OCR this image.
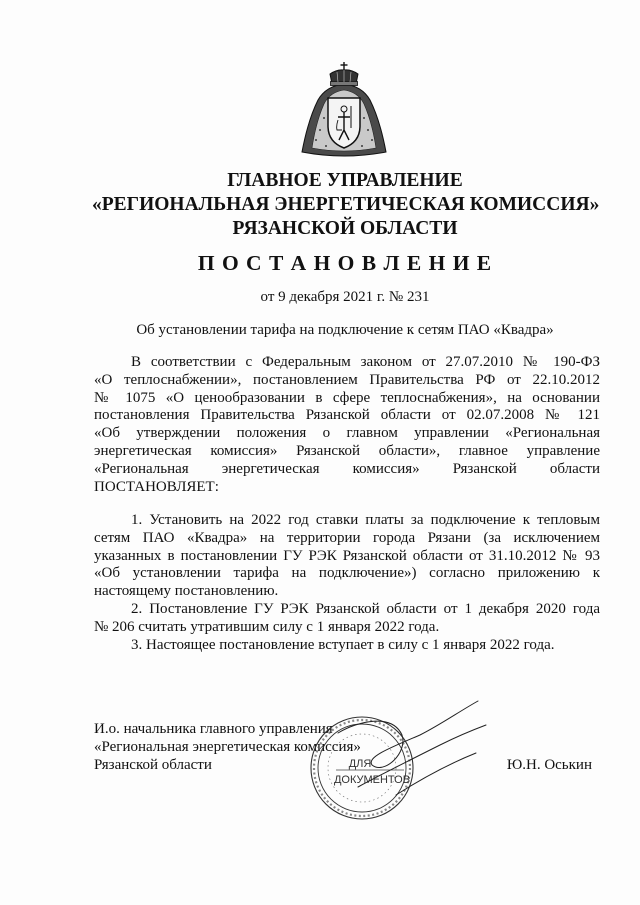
ГЛАВНОЕ УПРАВЛЕНИЕ
«РЕГИОНАЛЬНАЯ ЭНЕРГЕТИЧЕСКАЯ КОМИССИЯ»
РЯЗАНСКОЙ ОБЛАСТИ
П О С Т А Н О В Л Е Н И Е
от 9 декабря 2021 г. № 231
Об установлении тарифа на подключение к сетям ПАО «Квадра»
В соответствии с Федеральным законом от 27.07.2010 № 190-ФЗ
«О теплоснабжении», постановлением Правительства РФ от 22.10.2012
№ 1075 «О ценообразовании в сфере теплоснабжения», на основании
постановления Правительства Рязанской области от 02.07.2008 № 121
«Об утверждении положения о главном управлении «Региональная
энергетическая комиссия» Рязанской области», главное управление
«Региональная энергетическая комиссия» Рязанской области
ПОСТАНОВЛЯЕТ:
1. Установить на 2022 год ставки платы за подключение к тепловым
сетям ПАО «Квадра» на территории города Рязани (за исключением
указанных в постановлении ГУ РЭК Рязанской области от 31.10.2012 № 93
«Об установлении тарифа на подключение») согласно приложению к
настоящему постановлению.
2. Постановление ГУ РЭК Рязанской области от 1 декабря 2020 года
№ 206 считать утратившим силу с 1 января 2022 года.
3. Настоящее постановление вступает в силу с 1 января 2022 года.
И.о. начальника главного управления
«Региональная энергетическая комиссия»
Рязанской области	Ю.Н. Оськин
ДЛЯ
ДОКУМЕНТОВ
